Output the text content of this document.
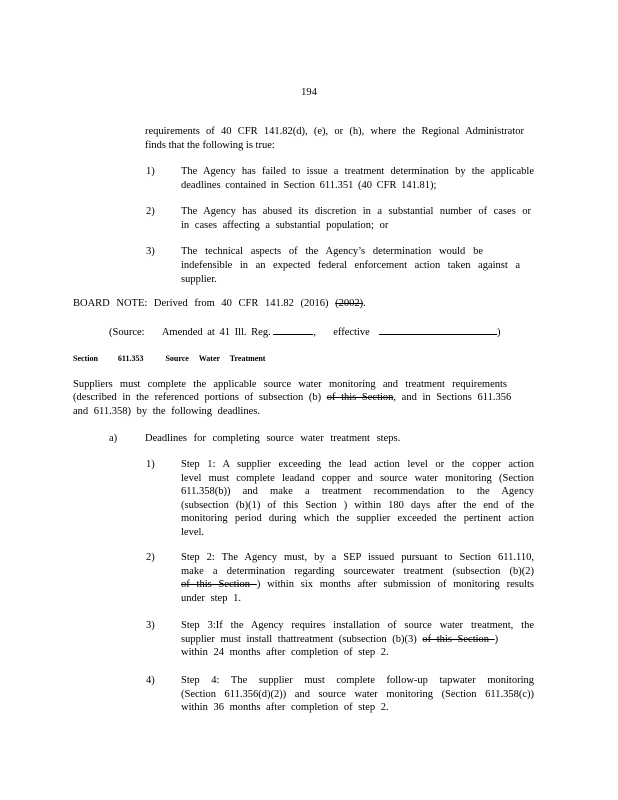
194
requirements of 40 CFR 141.82(d), (e), or (h), where the Regional Administrator
finds that the following is true:
1)	The Agency has failed to issue a treatment determination by the applicable
deadlines contained in Section 611.351 (40 CFR 141.81);
2)	The Agency has abused its discretion in a substantial number of cases or
in cases affecting a substantial population; or
3)	The technical aspects of the Agency’s determination would be
indefensible in an expected federal enforcement action taken against a
supplier.
BOARD NOTE: Derived from 40 CFR 141.82 (2016) (2002).
(Source: Amended at 41 Ill. Reg.	, effective	)
Section	611.353	Source Water Treatment
Suppliers must complete the applicable source water monitoring and treatment requirements
(described in the referenced portions of subsection (b) of this Section, and in Sections 611.356
and 611.358) by the following deadlines.
a)	Deadlines for completing source water treatment steps.
1)	Step 1: A supplier exceeding the lead action level or the copper action
level must complete leadand copper and source water monitoring (Section
611.358(b)) and make a treatment recommendation to the Agency
(subsection (b)(1) of this Section ) within 180 days after the end of the
monitoring period during which the supplier exceeded the pertinent action
level.
2)	Step 2: The Agency must, by a SEP issued pursuant to Section 611.110,
make a determination regarding sourcewater treatment (subsection (b)(2)
of this Section ) within six months after submission of monitoring results
under step 1.
3)	Step 3:If the Agency requires installation of source water treatment, the
supplier must install thattreatment (subsection (b)(3) of this Section )
within 24 months after completion of step 2.
4)	Step 4: The supplier must complete follow-up tapwater monitoring
(Section 611.356(d)(2)) and source water monitoring (Section 611.358(c))
within 36 months after completion of step 2.
